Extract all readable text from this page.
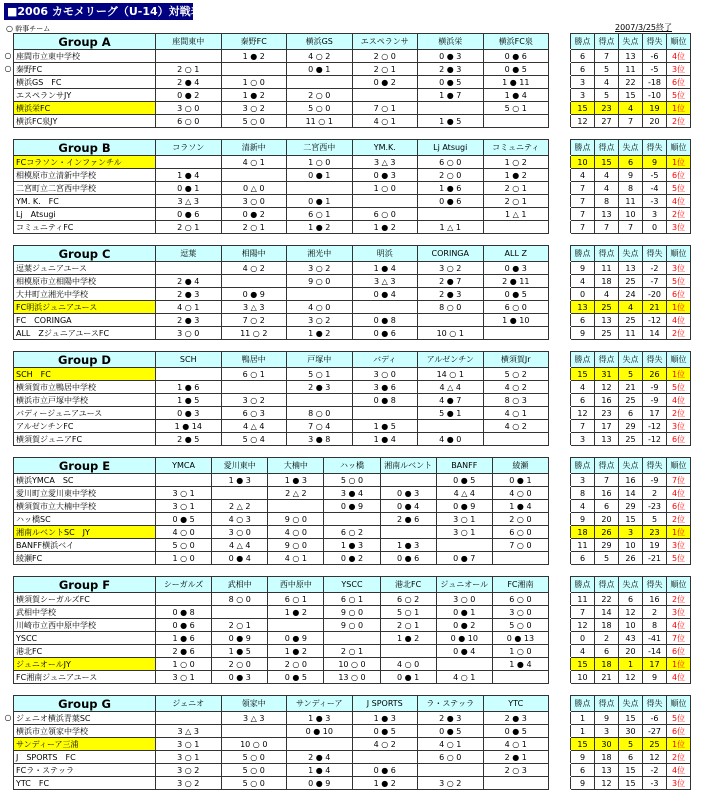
■2006 カモメリーグ（U-14）対戦表
○ 幹事チーム	2007/3/25終了
Group A	座間東中	秦野FC	横浜GS	エスペランサ	横浜栄	横浜FC泉		勝点	得点	失点	得失	順位

○ 座間市立東中学校		1 ● 2	4 ○ 2	2 ○ 0	0 ● 3	0 ● 6		6	7	13	-6	4位

○ 秦野FC	2 ○ 1		0 ● 1	2 ○ 1	2 ● 3	0 ● 5		6	5	11	-5	3位

横浜GS　FC	2 ● 4	1 ○ 0		0 ● 2	0 ● 5	1 ● 11		3	4	22	-18	6位

エスペランサJY	0 ● 2	1 ● 2	2 ○ 0		1 ● 7	1 ● 4		3	5	15	-10	5位

横浜栄FC	3 ○ 0	3 ○ 2	5 ○ 0	7 ○ 1		5 ○ 1		15	23	4	19	1位

横浜FC泉JY	6 ○ 0	5 ○ 0	11 ○ 1	4 ○ 1	1 ● 5			12	27	7	20	2位
Group B	コラソン	清新中	二宮西中	YM.K.	Lj Atsugi	コミュニティ		勝点	得点	失点	得失	順位

FCコラソン・インファンチル		4 ○ 1	1 ○ 0	3 △ 3	6 ○ 0	1 ○ 2		10	15	6	9	1位

相模原市立清新中学校	1 ● 4		0 ● 1	0 ● 3	2 ○ 0	1 ● 2		4	4	9	-5	6位

二宮町立二宮西中学校	0 ● 1	0 △ 0		1 ○ 0	1 ● 6	2 ○ 1		7	4	8	-4	5位

YM. K.　FC	3 △ 3	3 ○ 0	0 ● 1		0 ● 6	2 ○ 1		7	8	11	-3	4位

Lj　Atsugi	0 ● 6	0 ● 2	6 ○ 1	6 ○ 0		1 △ 1		7	13	10	3	2位

コミュニティFC	2 ○ 1	2 ○ 1	1 ● 2	1 ● 2	1 △ 1			7	7	7	0	3位
Group C	逗葉	相陽中	湘光中	明浜	CORINGA	ALL Z		勝点	得点	失点	得失	順位

逗葉ジュニアユース		4 ○ 2	3 ○ 2	1 ● 4	3 ○ 2	0 ● 3		9	11	13	-2	3位

相模原市立相陽中学校	2 ● 4		9 ○ 0	3 △ 3	2 ● 7	2 ● 11		4	18	25	-7	5位

大井町立湘光中学校	2 ● 3	0 ● 9		0 ● 4	2 ● 3	0 ● 5		0	4	24	-20	6位

FC明浜ジュニアユース	4 ○ 1	3 △ 3	4 ○ 0		8 ○ 0	6 ○ 0		13	25	4	21	1位

FC　CORINGA	2 ● 3	7 ○ 2	3 ○ 2	0 ● 8		1 ● 10		6	13	25	-12	4位

ALL　ZジュニアユースFC	3 ○ 0	11 ○ 2	1 ● 2	0 ● 6	10 ○ 1			9	25	11	14	2位
Group D	SCH	鴨居中	戸塚中	バディ	アルゼンチン	横須賀Jr		勝点	得点	失点	得失	順位

SCH　FC		6 ○ 1	5 ○ 1	3 ○ 0	14 ○ 1	5 ○ 2		15	31	5	26	1位

横須賀市立鴨居中学校	1 ● 6		2 ● 3	3 ● 6	4 △ 4	4 ○ 2		4	12	21	-9	5位

横浜市立戸塚中学校	1 ● 5	3 ○ 2		0 ● 8	4 ● 7	8 ○ 3		6	16	25	-9	4位

バディージュニアユース	0 ● 3	6 ○ 3	8 ○ 0		5 ● 1	4 ○ 1		12	23	6	17	2位

アルゼンチンFC	1 ● 14	4 △ 4	7 ○ 4	1 ● 5		4 ○ 2		7	17	29	-12	3位

横須賀ジュニアFC	2 ● 5	5 ○ 4	3 ● 8	1 ● 4	4 ● 0			3	13	25	-12	6位
Group E	YMCA	愛川東中	大楠中	ハッ橋	湘南ルベント	BANFF	綾瀬		勝点	得点	失点	得失	順位

横浜YMCA　SC		1 ● 3	1 ● 3	5 ○ 0		0 ● 5	0 ● 1		3	7	16	-9	7位

愛川町立愛川東中学校	3 ○ 1		2 △ 2	3 ● 4	0 ● 3	4 △ 4	4 ○ 0		8	16	14	2	4位

横須賀市立大楠中学校	3 ○ 1	2 △ 2		0 ● 9	0 ● 4	0 ● 9	1 ● 4		4	6	29	-23	6位

ハッ橋SC	0 ● 5	4 ○ 3	9 ○ 0		2 ● 6	3 ○ 1	2 ○ 0		9	20	15	5	2位

湘南ルベントSC　JY	4 ○ 0	3 ○ 0	4 ○ 0	6 ○ 2		3 ○ 1	6 ○ 0		18	26	3	23	1位

BANFF横浜ベイ	5 ○ 0	4 △ 4	9 ○ 0	1 ● 3	1 ● 3		7 ○ 0		11	29	10	19	3位

綾瀬FC	1 ○ 0	0 ● 4	4 ○ 1	0 ● 2	0 ● 6	0 ● 7			6	5	26	-21	5位
Group F	シーガルズ	武相中	西中原中	YSCC	港北FC	ジュニオール	FC湘南		勝点	得点	失点	得失	順位

横須賀シーガルズFC		8 ○ 0	6 ○ 1	6 ○ 1	6 ○ 2	3 ○ 0	6 ○ 0		11	22	6	16	2位

武相中学校	0 ● 8		1 ● 2	9 ○ 0	5 ○ 1	0 ● 1	3 ○ 0		7	14	12	2	3位

川崎市立西中原中学校	0 ● 6	2 ○ 1		9 ○ 0	2 ○ 1	0 ● 2	5 ○ 0		12	18	10	8	4位

YSCC	1 ● 6	0 ● 9	0 ● 9		1 ● 2	0 ● 10	0 ● 13		0	2	43	-41	7位

港北FC	2 ● 6	1 ● 5	1 ● 2	2 ○ 1		0 ● 4	1 ○ 0		4	6	20	-14	6位

ジュニオールJY	1 ○ 0	2 ○ 0	2 ○ 0	10 ○ 0	4 ○ 0		1 ● 4		15	18	1	17	1位

FC湘南ジュニアユース	3 ○ 1	0 ● 3	0 ● 5	13 ○ 0	0 ● 1	4 ○ 1			10	21	12	9	4位
Group G	ジェニオ	領家中	サンディーア	J SPORTS	ラ・ステッラ	YTC		勝点	得点	失点	得失	順位

○ ジェニオ横浜青葉SC		3 △ 3	1 ● 3	1 ● 3	2 ● 3	2 ● 3		1	9	15	-6	5位

横浜市立領家中学校	3 △ 3		0 ● 10	0 ● 5	0 ● 5	0 ● 5		1	3	30	-27	6位

サンディーア三浦	3 ○ 1	10 ○ 0		4 ○ 2	4 ○ 1	4 ○ 1		15	30	5	25	1位

J　SPORTS　FC	3 ○ 1	5 ○ 0	2 ● 4		6 ○ 0	2 ● 1		9	18	6	12	2位

FCラ・ステッラ	3 ○ 2	5 ○ 0	1 ● 4	0 ● 6		2 ○ 3		6	13	15	-2	4位

YTC　FC	3 ○ 2	5 ○ 0	0 ● 9	1 ● 2	3 ○ 2			9	12	15	-3	3位
